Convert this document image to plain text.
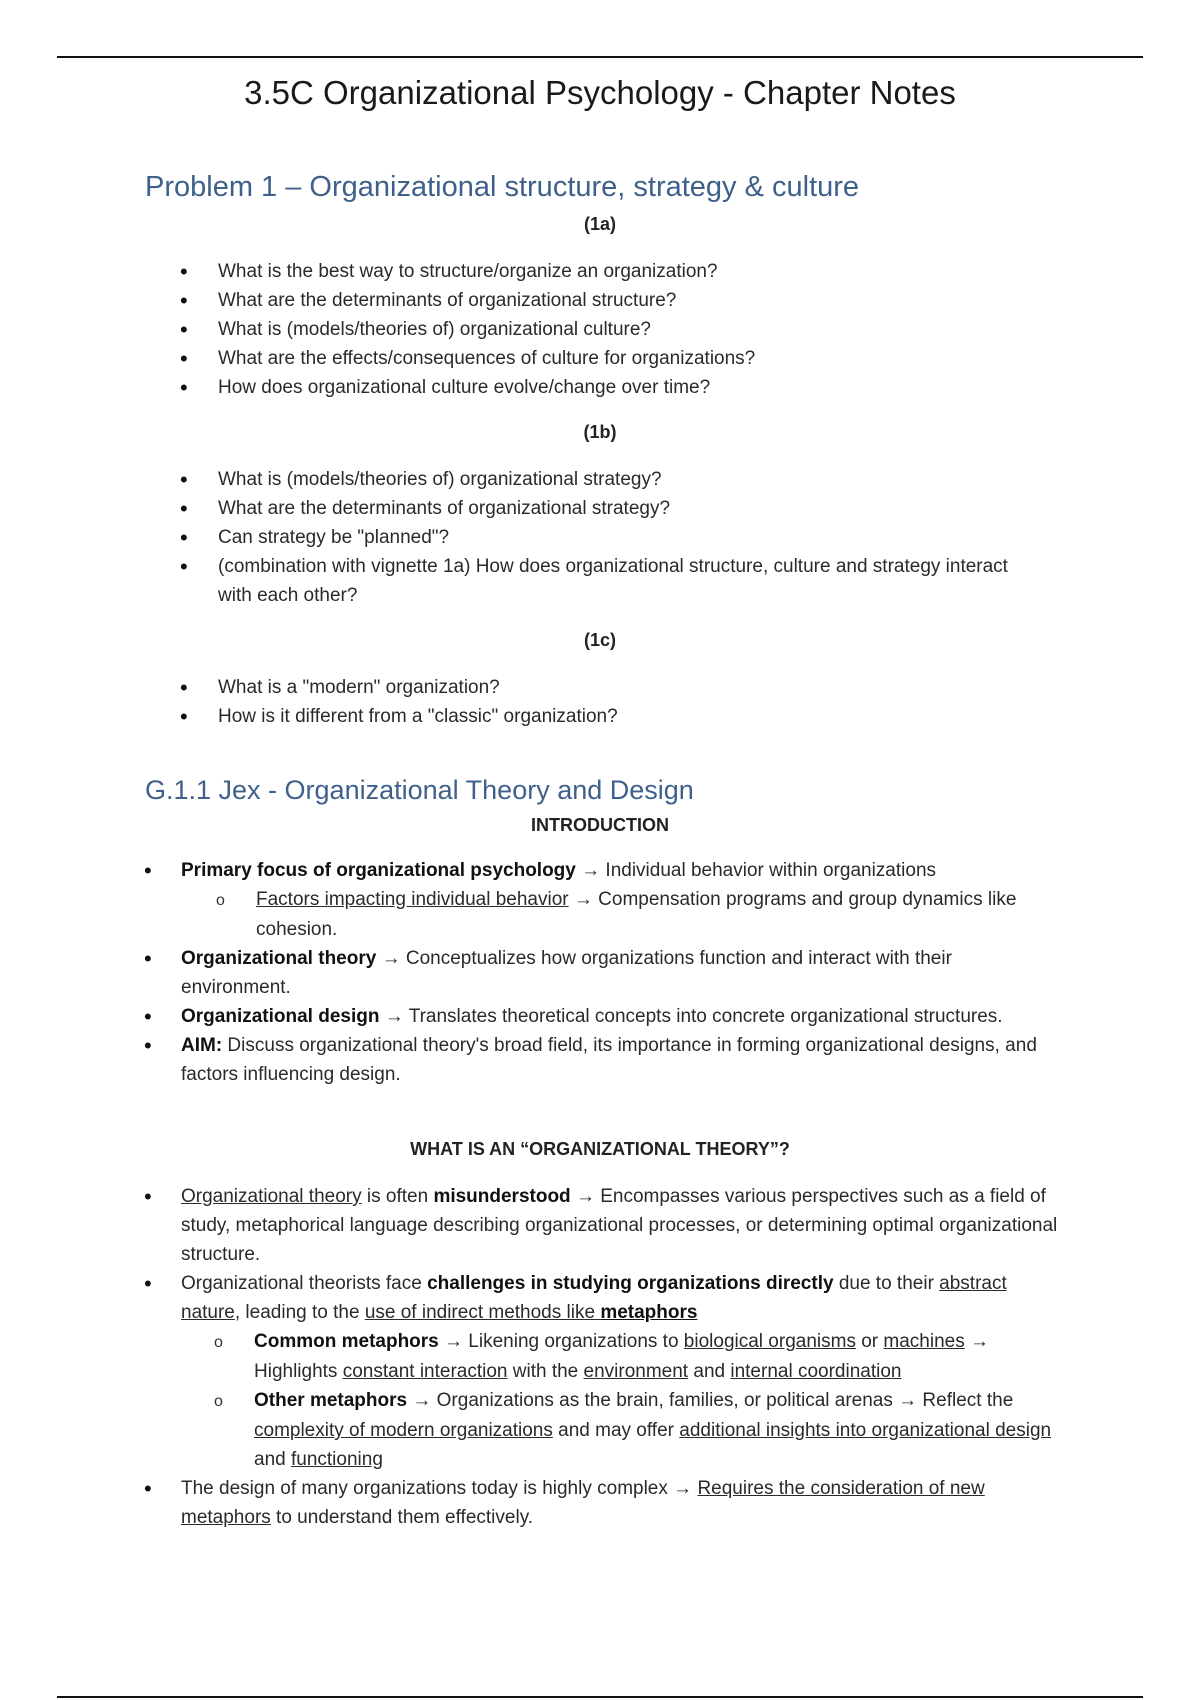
3.5C Organizational Psychology - Chapter Notes
Problem 1 – Organizational structure, strategy & culture
(1a)
• What is the best way to structure/organize an organization?
• What are the determinants of organizational structure?
• What is (models/theories of) organizational culture?
• What are the effects/consequences of culture for organizations?
• How does organizational culture evolve/change over time?
(1b)
• What is (models/theories of) organizational strategy?
• What are the determinants of organizational strategy?
• Can strategy be "planned"?
• (combination with vignette 1a) How does organizational structure, culture and strategy interact with each other?
(1c)
• What is a "modern" organization?
• How is it different from a "classic" organization?
G.1.1 Jex - Organizational Theory and Design
INTRODUCTION
• Primary focus of organizational psychology → Individual behavior within organizations
o Factors impacting individual behavior → Compensation programs and group dynamics like cohesion.
• Organizational theory → Conceptualizes how organizations function and interact with their environment.
• Organizational design → Translates theoretical concepts into concrete organizational structures.
• AIM: Discuss organizational theory's broad field, its importance in forming organizational designs, and factors influencing design.
WHAT IS AN “ORGANIZATIONAL THEORY”?
• Organizational theory is often misunderstood → Encompasses various perspectives such as a field of study, metaphorical language describing organizational processes, or determining optimal organizational structure.
• Organizational theorists face challenges in studying organizations directly due to their abstract nature, leading to the use of indirect methods like metaphors
o Common metaphors → Likening organizations to biological organisms or machines → Highlights constant interaction with the environment and internal coordination
o Other metaphors → Organizations as the brain, families, or political arenas → Reflect the complexity of modern organizations and may offer additional insights into organizational design and functioning
• The design of many organizations today is highly complex → Requires the consideration of new metaphors to understand them effectively.
